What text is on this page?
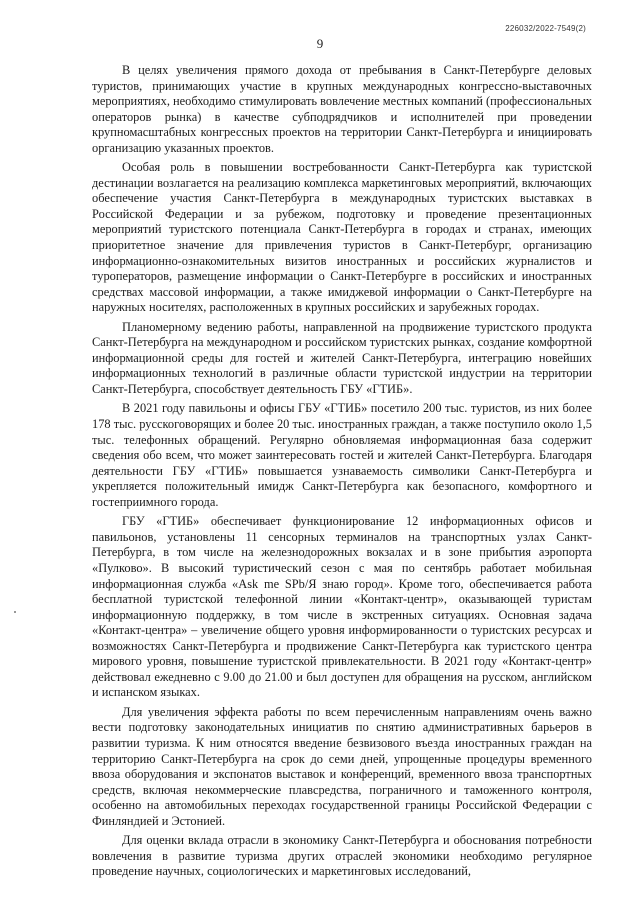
226032/2022-7549(2)
9

В целях увеличения прямого дохода от пребывания в Санкт-Петербурге деловых туристов, принимающих участие в крупных международных конгрессно-выставочных мероприятиях, необходимо стимулировать вовлечение местных компаний (профессиональных операторов рынка) в качестве субподрядчиков и исполнителей при проведении крупномасштабных конгрессных проектов на территории Санкт-Петербурга и инициировать организацию указанных проектов.

Особая роль в повышении востребованности Санкт-Петербурга как туристской дестинации возлагается на реализацию комплекса маркетинговых мероприятий, включающих обеспечение участия Санкт-Петербурга в международных туристских выставках в Российской Федерации и за рубежом, подготовку и проведение презентационных мероприятий туристского потенциала Санкт-Петербурга в городах и странах, имеющих приоритетное значение для привлечения туристов в Санкт-Петербург, организацию информационно-ознакомительных визитов иностранных и российских журналистов и туроператоров, размещение информации о Санкт-Петербурге в российских и иностранных средствах массовой информации, а также имиджевой информации о Санкт-Петербурге на наружных носителях, расположенных в крупных российских и зарубежных городах.

Планомерному ведению работы, направленной на продвижение туристского продукта Санкт-Петербурга на международном и российском туристских рынках, создание комфортной информационной среды для гостей и жителей Санкт-Петербурга, интеграцию новейших информационных технологий в различные области туристской индустрии на территории Санкт-Петербурга, способствует деятельность ГБУ «ГТИБ».

В 2021 году павильоны и офисы ГБУ «ГТИБ» посетило 200 тыс. туристов, из них более 178 тыс. русскоговорящих и более 20 тыс. иностранных граждан, а также поступило около 1,5 тыс. телефонных обращений. Регулярно обновляемая информационная база содержит сведения обо всем, что может заинтересовать гостей и жителей Санкт-Петербурга. Благодаря деятельности ГБУ «ГТИБ» повышается узнаваемость символики Санкт-Петербурга и укрепляется положительный имидж Санкт-Петербурга как безопасного, комфортного и гостеприимного города.

ГБУ «ГТИБ» обеспечивает функционирование 12 информационных офисов и павильонов, установлены 11 сенсорных терминалов на транспортных узлах Санкт-Петербурга, в том числе на железнодорожных вокзалах и в зоне прибытия аэропорта «Пулково». В высокий туристический сезон с мая по сентябрь работает мобильная информационная служба «Ask me SPb/Я знаю город». Кроме того, обеспечивается работа бесплатной туристской телефонной линии «Контакт-центр», оказывающей туристам информационную поддержку, в том числе в экстренных ситуациях. Основная задача «Контакт-центра» – увеличение общего уровня информированности о туристских ресурсах и возможностях Санкт-Петербурга и продвижение Санкт-Петербурга как туристского центра мирового уровня, повышение туристской привлекательности. В 2021 году «Контакт-центр» действовал ежедневно с 9.00 до 21.00 и был доступен для обращения на русском, английском и испанском языках.

Для увеличения эффекта работы по всем перечисленным направлениям очень важно вести подготовку законодательных инициатив по снятию административных барьеров в развитии туризма. К ним относятся введение безвизового въезда иностранных граждан на территорию Санкт-Петербурга на срок до семи дней, упрощенные процедуры временного ввоза оборудования и экспонатов выставок и конференций, временного ввоза транспортных средств, включая некоммерческие плавсредства, пограничного и таможенного контроля, особенно на автомобильных переходах государственной границы Российской Федерации с Финляндией и Эстонией.

Для оценки вклада отрасли в экономику Санкт-Петербурга и обоснования потребности вовлечения в развитие туризма других отраслей экономики необходимо регулярное проведение научных, социологических и маркетинговых исследований,
